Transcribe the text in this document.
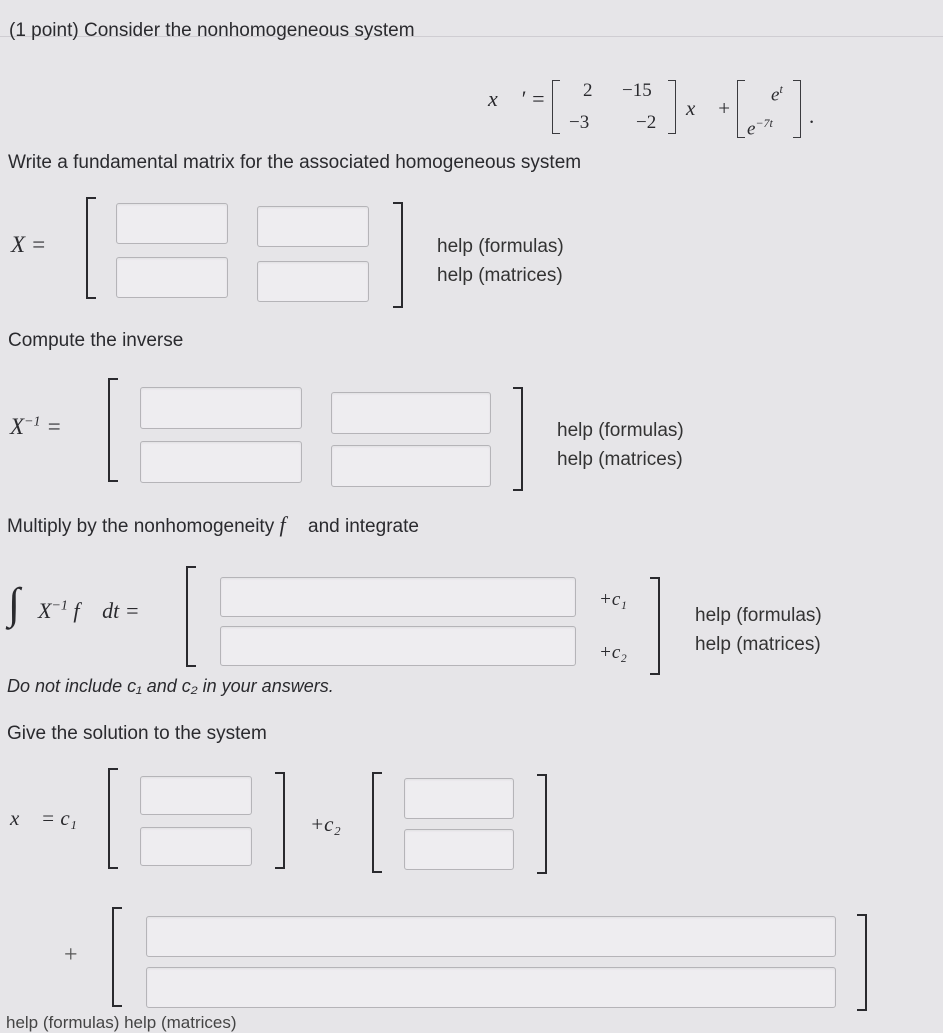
(1 point) Consider the nonhomogeneous system
x⃗ ′ = 2 −15
−3 −2
x⃗ +
$e^t$
$e^{-7t}$ .
Write a fundamental matrix for the associated homogeneous system
X =	help (formulas)
help (matrices)
Compute the inverse
$X^{-1}$ =	help (formulas)
help (matrices)
Multiply by the nonhomogeneity f⃗ and integrate
∫ $X^{-1}$ f⃗ dt =	+c₁
+c₂
help (formulas)
help (matrices)
Do not include c₁ and c₂ in your answers.
Give the solution to the system
x⃗ = c₁	+c₂
+
help (formulas) help (matrices)
